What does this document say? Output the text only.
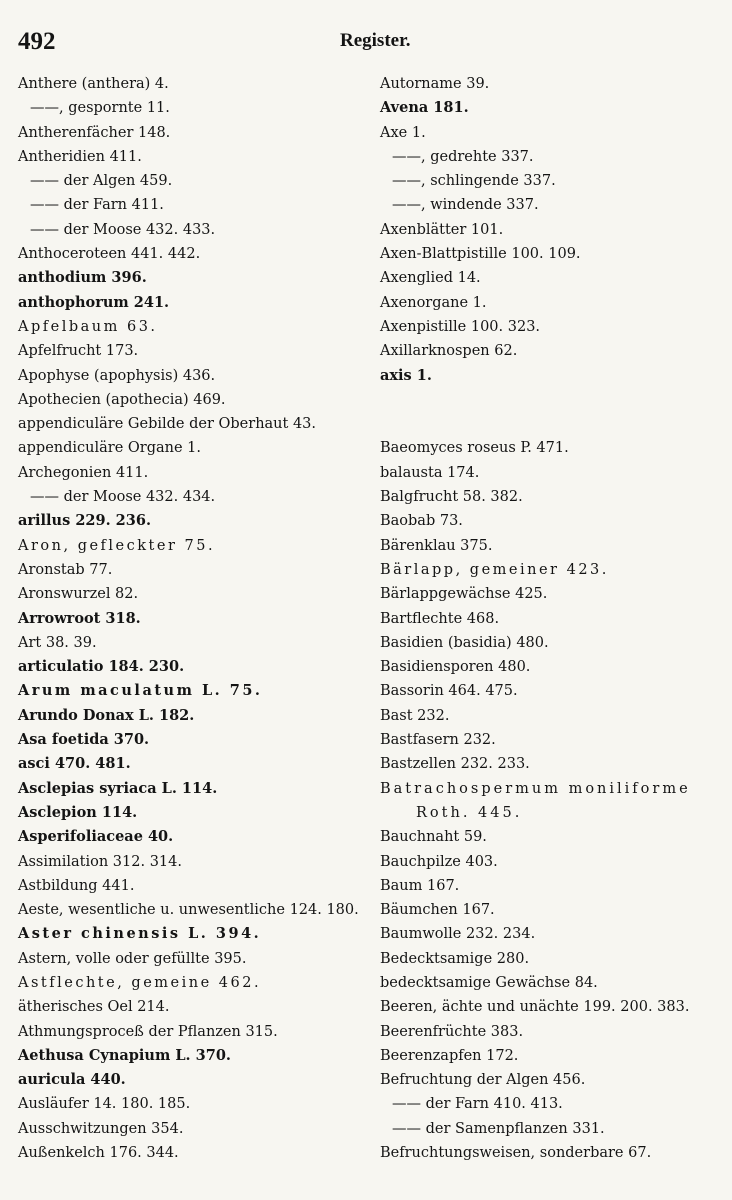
492	Register.
Anthere (anthera) 4.
——, gespornte 11.
Antherenfächer 148.
Antheridien 411.
—— der Algen 459.
—— der Farn 411.
—— der Moose 432. 433.
Anthoceroteen 441. 442.
anthodium 396.
anthophorum 241.
Apfelbaum 63.
Apfelfrucht 173.
Apophyse (apophysis) 436.
Apothecien (apothecia) 469.
appendiculäre Gebilde der Oberhaut 43.
appendiculäre Organe 1.
Archegonien 411.
—— der Moose 432. 434.
arillus 229. 236.
Aron, gefleckter 75.
Aronstab 77.
Aronswurzel 82.
Arrowroot 318.
Art 38. 39.
articulatio 184. 230.
Arum maculatum L. 75.
Arundo Donax L. 182.
Asa foetida 370.
asci 470. 481.
Asclepias syriaca L. 114.
Asclepion 114.
Asperifoliaceae 40.
Assimilation 312. 314.
Astbildung 441.
Aeste, wesentliche u. unwesentliche 124. 180.
Aster chinensis L. 394.
Astern, volle oder gefüllte 395.
Astflechte, gemeine 462.
ätherisches Oel 214.
Athmungsproceß der Pflanzen 315.
Aethusa Cynapium L. 370.
auricula 440.
Ausläufer 14. 180. 185.
Ausschwitzungen 354.
Außenkelch 176. 344.
Autorname 39.
Avena 181.
Axe 1.
——, gedrehte 337.
——, schlingende 337.
——, windende 337.
Axenblätter 101.
Axen-Blattpistille 100. 109.
Axenglied 14.
Axenorgane 1.
Axenpistille 100. 323.
Axillarknospen 62.
axis 1.
Baeomyces roseus P. 471.
balausta 174.
Balgfrucht 58. 382.
Baobab 73.
Bärenklau 375.
Bärlapp, gemeiner 423.
Bärlappgewächse 425.
Bartflechte 468.
Basidien (basidia) 480.
Basidiensporen 480.
Bassorin 464. 475.
Bast 232.
Bastfasern 232.
Bastzellen 232. 233.
Batrachospermum moniliforme
Roth. 445.
Bauchnaht 59.
Bauchpilze 403.
Baum 167.
Bäumchen 167.
Baumwolle 232. 234.
Bedecktsamige 280.
bedecktsamige Gewächse 84.
Beeren, ächte und unächte 199. 200. 383.
Beerenfrüchte 383.
Beerenzapfen 172.
Befruchtung der Algen 456.
—— der Farn 410. 413.
—— der Samenpflanzen 331.
Befruchtungsweisen, sonderbare 67.
